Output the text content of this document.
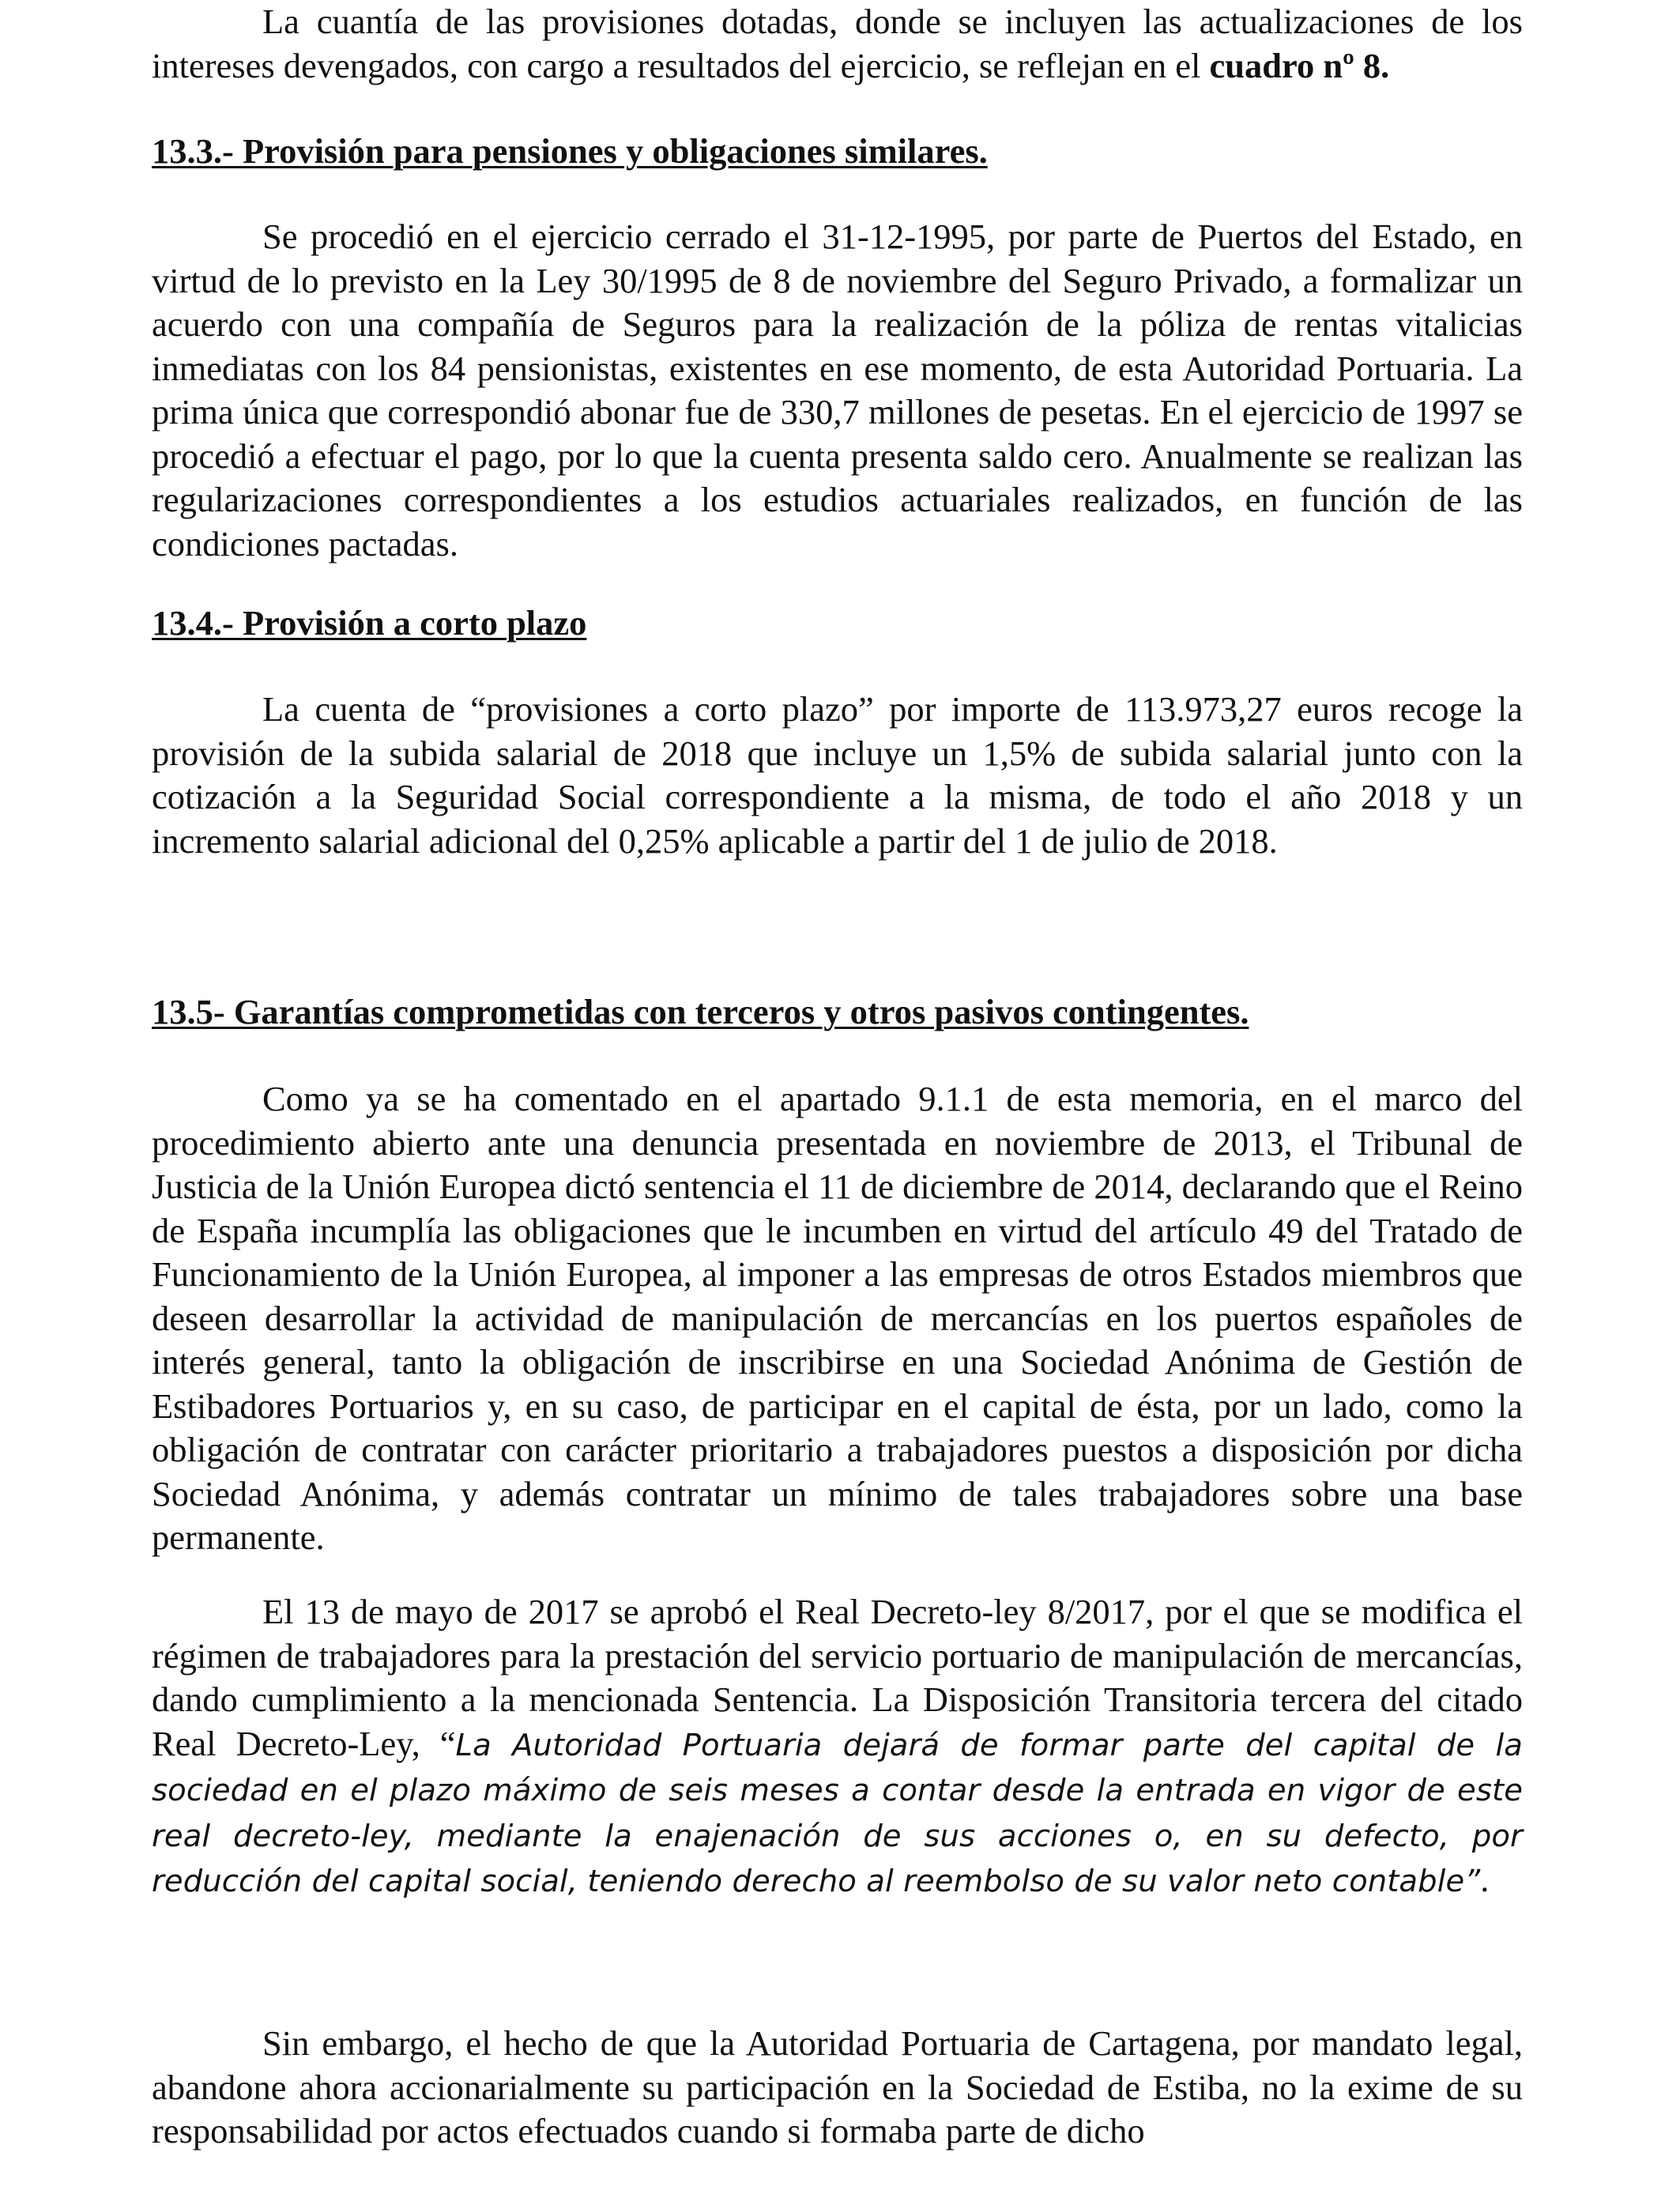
La cuantía de las provisiones dotadas, donde se incluyen las actualizaciones de los intereses devengados, con cargo a resultados del ejercicio, se reflejan en el cuadro nº 8.

13.3.- Provisión para pensiones y obligaciones similares.

Se procedió en el ejercicio cerrado el 31-12-1995, por parte de Puertos del Estado, en virtud de lo previsto en la Ley 30/1995 de 8 de noviembre del Seguro Privado, a formalizar un acuerdo con una compañía de Seguros para la realización de la póliza de rentas vitalicias inmediatas con los 84 pensionistas, existentes en ese momento, de esta Autoridad Portuaria. La prima única que correspondió abonar fue de 330,7 millones de pesetas. En el ejercicio de 1997 se procedió a efectuar el pago, por lo que la cuenta presenta saldo cero. Anualmente se realizan las regularizaciones correspondientes a los estudios actuariales realizados, en función de las condiciones pactadas.

13.4.- Provisión a corto plazo

La cuenta de “provisiones a corto plazo” por importe de 113.973,27 euros recoge la provisión de la subida salarial de 2018 que incluye un 1,5% de subida salarial junto con la cotización a la Seguridad Social correspondiente a la misma, de todo el año 2018 y un incremento salarial adicional del 0,25% aplicable a partir del 1 de julio de 2018.

13.5- Garantías comprometidas con terceros y otros pasivos contingentes.

Como ya se ha comentado en el apartado 9.1.1 de esta memoria, en el marco del procedimiento abierto ante una denuncia presentada en noviembre de 2013, el Tribunal de Justicia de la Unión Europea dictó sentencia el 11 de diciembre de 2014, declarando que el Reino de España incumplía las obligaciones que le incumben en virtud del artículo 49 del Tratado de Funcionamiento de la Unión Europea, al imponer a las empresas de otros Estados miembros que deseen desarrollar la actividad de manipulación de mercancías en los puertos españoles de interés general, tanto la obligación de inscribirse en una Sociedad Anónima de Gestión de Estibadores Portuarios y, en su caso, de participar en el capital de ésta, por un lado, como la obligación de contratar con carácter prioritario a trabajadores puestos a disposición por dicha Sociedad Anónima, y además contratar un mínimo de tales trabajadores sobre una base permanente.

El 13 de mayo de 2017 se aprobó el Real Decreto-ley 8/2017, por el que se modifica el régimen de trabajadores para la prestación del servicio portuario de manipulación de mercancías, dando cumplimiento a la mencionada Sentencia. La Disposición Transitoria tercera del citado Real Decreto-Ley, “La Autoridad Portuaria dejará de formar parte del capital de la sociedad en el plazo máximo de seis meses a contar desde la entrada en vigor de este real decreto-ley, mediante la enajenación de sus acciones o, en su defecto, por reducción del capital social, teniendo derecho al reembolso de su valor neto contable”.

Sin embargo, el hecho de que la Autoridad Portuaria de Cartagena, por mandato legal, abandone ahora accionarialmente su participación en la Sociedad de Estiba, no la exime de su responsabilidad por actos efectuados cuando si formaba parte de dicho
